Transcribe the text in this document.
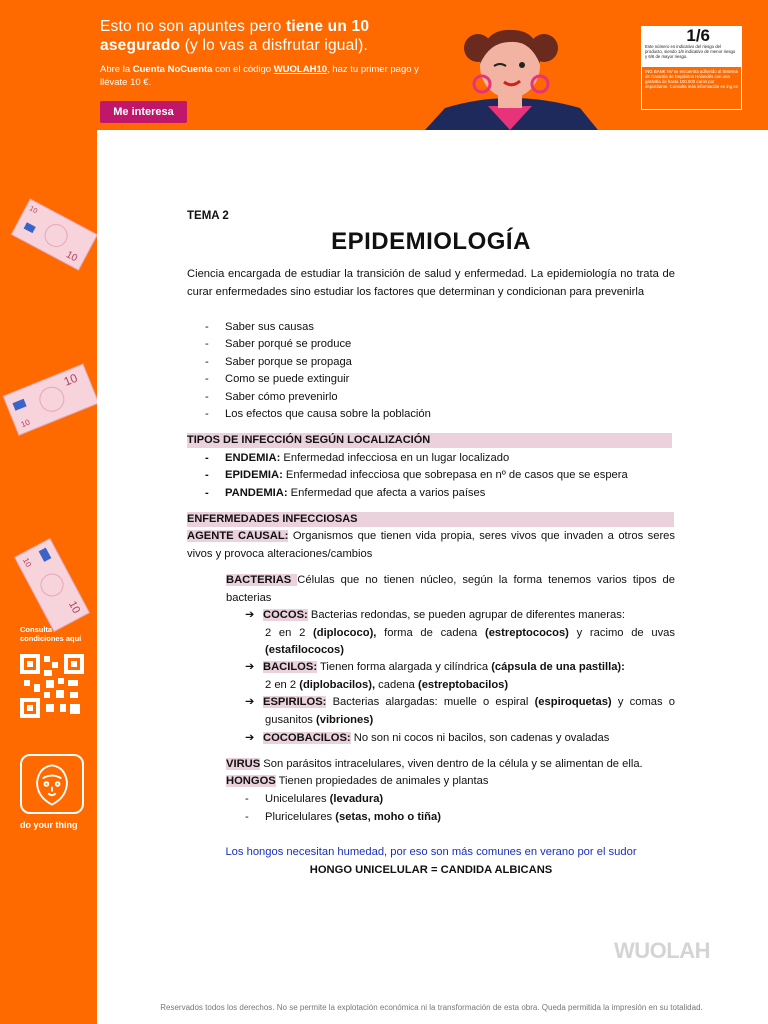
Esto no son apuntes pero tiene un 10 asegurado (y lo vas a disfrutar igual).
Abre la Cuenta NoCuenta con el código WUOLAH10, haz tu primer pago y llévate 10 €.
Me interesa
1/6
Este número es indicativo del riesgo del producto, siendo 1/6 indicativo de menor riesgo y 6/6 de mayor riesgo.
ING BANK NV se encuentra adherido al Sistema de Garantía de Depósitos Holandés con una garantía de hasta 100.000 euros por depositante. Consulta más información en ing.es
10
10
10
10
10
10
Consulta condiciones aquí
do your thing
TEMA 2
EPIDEMIOLOGÍA
Ciencia encargada de estudiar la transición de salud y enfermedad. La epidemiología no trata de curar enfermedades sino estudiar los factores que determinan y condicionan para prevenirla
- Saber sus causas
- Saber porqué se produce
- Saber porque se propaga
- Como se puede extinguir
- Saber cómo prevenirlo
- Los efectos que causa sobre la población
TIPOS DE INFECCIÓN SEGÚN LOCALIZACIÓN
- ENDEMIA: Enfermedad infecciosa en un lugar localizado
- EPIDEMIA: Enfermedad infecciosa que sobrepasa en nº de casos que se espera
- PANDEMIA: Enfermedad que afecta a varios países
ENFERMEDADES INFECCIOSAS
AGENTE CAUSAL: Organismos que tienen vida propia, seres vivos que invaden a otros seres vivos y provoca alteraciones/cambios
BACTERIAS Células que no tienen núcleo, según la forma tenemos varios tipos de bacterias
➔ COCOS: Bacterias redondas, se pueden agrupar de diferentes maneras:
2 en 2 (diplococo), forma de cadena (estreptococos) y racimo de uvas
(estafilococos)
➔ BACILOS: Tienen forma alargada y cilíndrica (cápsula de una pastilla):
2 en 2 (diplobacilos), cadena (estreptobacilos)
➔ ESPIRILOS: Bacterias alargadas: muelle o espiral (espiroquetas) y comas o
gusanitos (vibriones)
➔ COCOBACILOS: No son ni cocos ni bacilos, son cadenas y ovaladas
VIRUS Son parásitos intracelulares, viven dentro de la célula y se alimentan de ella.
HONGOS Tienen propiedades de animales y plantas
- Unicelulares (levadura)
- Pluricelulares (setas, moho o tiña)
Los hongos necesitan humedad, por eso son más comunes en verano por el sudor
HONGO UNICELULAR = CANDIDA ALBICANS
WUOLAH
Reservados todos los derechos. No se permite la explotación económica ni la transformación de esta obra. Queda permitida la impresión en su totalidad.
